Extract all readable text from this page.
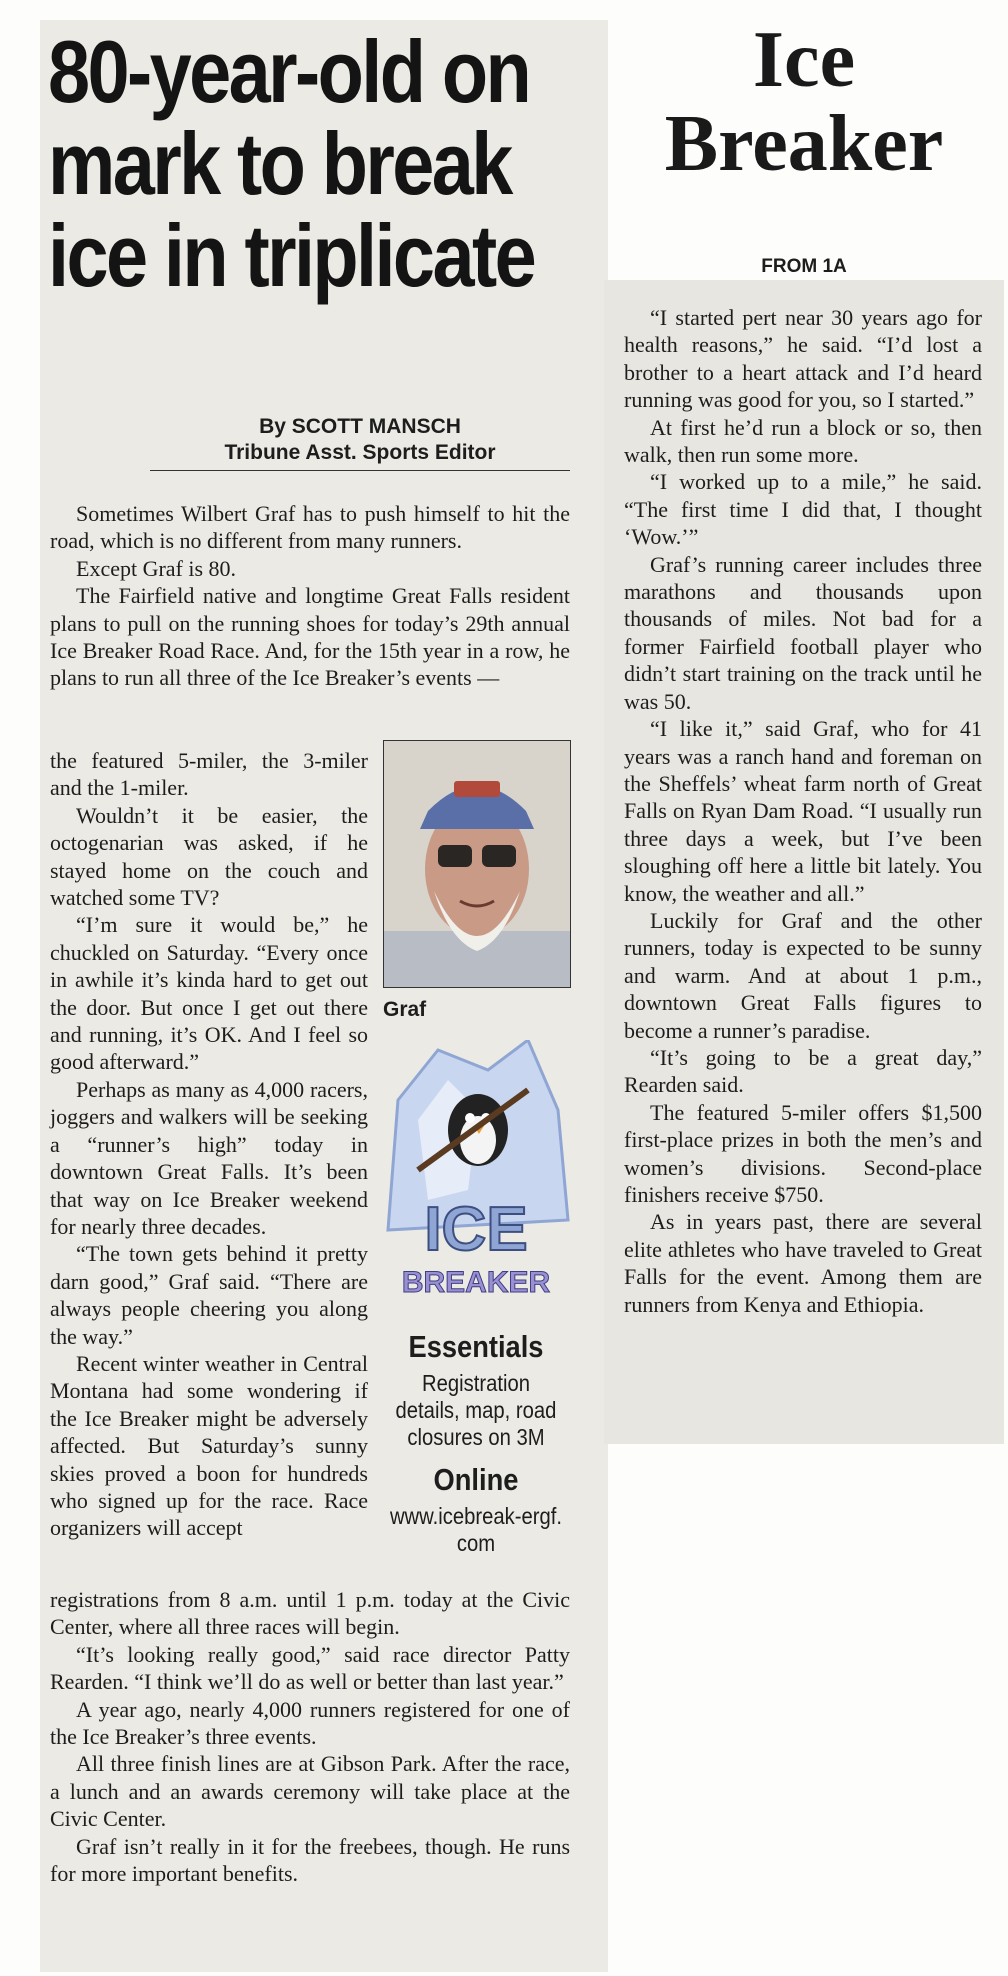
80-year-old on
mark to break
ice in triplicate
By SCOTT MANSCH
Tribune Asst. Sports Editor

Sometimes Wilbert Graf has to push himself to hit the road, which is no different from many runners.

Except Graf is 80.

The Fairfield native and longtime Great Falls resident plans to pull on the running shoes for today’s 29th annual Ice Breaker Road Race. And, for the 15th year in a row, he plans to run all three of the Ice Breaker’s events —

the featured 5-miler, the 3-miler and the 1-miler.

Wouldn’t it be easier, the octogenarian was asked, if he stayed home on the couch and watched some TV?

“I’m sure it would be,” he chuckled on Saturday. “Every once in awhile it’s kinda hard to get out the door. But once I get out there and running, it’s OK. And I feel so good afterward.”

Perhaps as many as 4,000 racers, joggers and walkers will be seeking a “runner’s high” today in downtown Great Falls. It’s been that way on Ice Breaker weekend for nearly three decades.

“The town gets behind it pretty darn good,” Graf said. “There are always people cheering you along the way.”

Recent winter weather in Central Montana had some wondering if the Ice Breaker might be adversely affected. But Saturday’s sunny skies proved a boon for hundreds who signed up for the race. Race organizers will accept

Graf
ICE
BREAKER
Essentials
Registration details, map, road closures on 3M
Online
www.icebreak-ergf.com

registrations from 8 a.m. until 1 p.m. today at the Civic Center, where all three races will begin.

“It’s looking really good,” said race director Patty Rearden. “I think we’ll do as well or better than last year.”

A year ago, nearly 4,000 runners registered for one of the Ice Breaker’s three events.

All three finish lines are at Gibson Park. After the race, a lunch and an awards ceremony will take place at the Civic Center.

Graf isn’t really in it for the freebees, though. He runs for more important benefits.

Ice
Breaker
FROM 1A

“I started pert near 30 years ago for health reasons,” he said. “I’d lost a brother to a heart attack and I’d heard running was good for you, so I started.”

At first he’d run a block or so, then walk, then run some more.

“I worked up to a mile,” he said. “The first time I did that, I thought ‘Wow.’”

Graf’s running career includes three marathons and thousands upon thousands of miles. Not bad for a former Fairfield football player who didn’t start training on the track until he was 50.

“I like it,” said Graf, who for 41 years was a ranch hand and foreman on the Sheffels’ wheat farm north of Great Falls on Ryan Dam Road. “I usually run three days a week, but I’ve been sloughing off here a little bit lately. You know, the weather and all.”

Luckily for Graf and the other runners, today is expected to be sunny and warm. And at about 1 p.m., downtown Great Falls figures to become a runner’s paradise.

“It’s going to be a great day,” Rearden said.

The featured 5-miler offers $1,500 first-place prizes in both the men’s and women’s divisions. Second-place finishers receive $750.

As in years past, there are several elite athletes who have traveled to Great Falls for the event. Among them are runners from Kenya and Ethiopia.
